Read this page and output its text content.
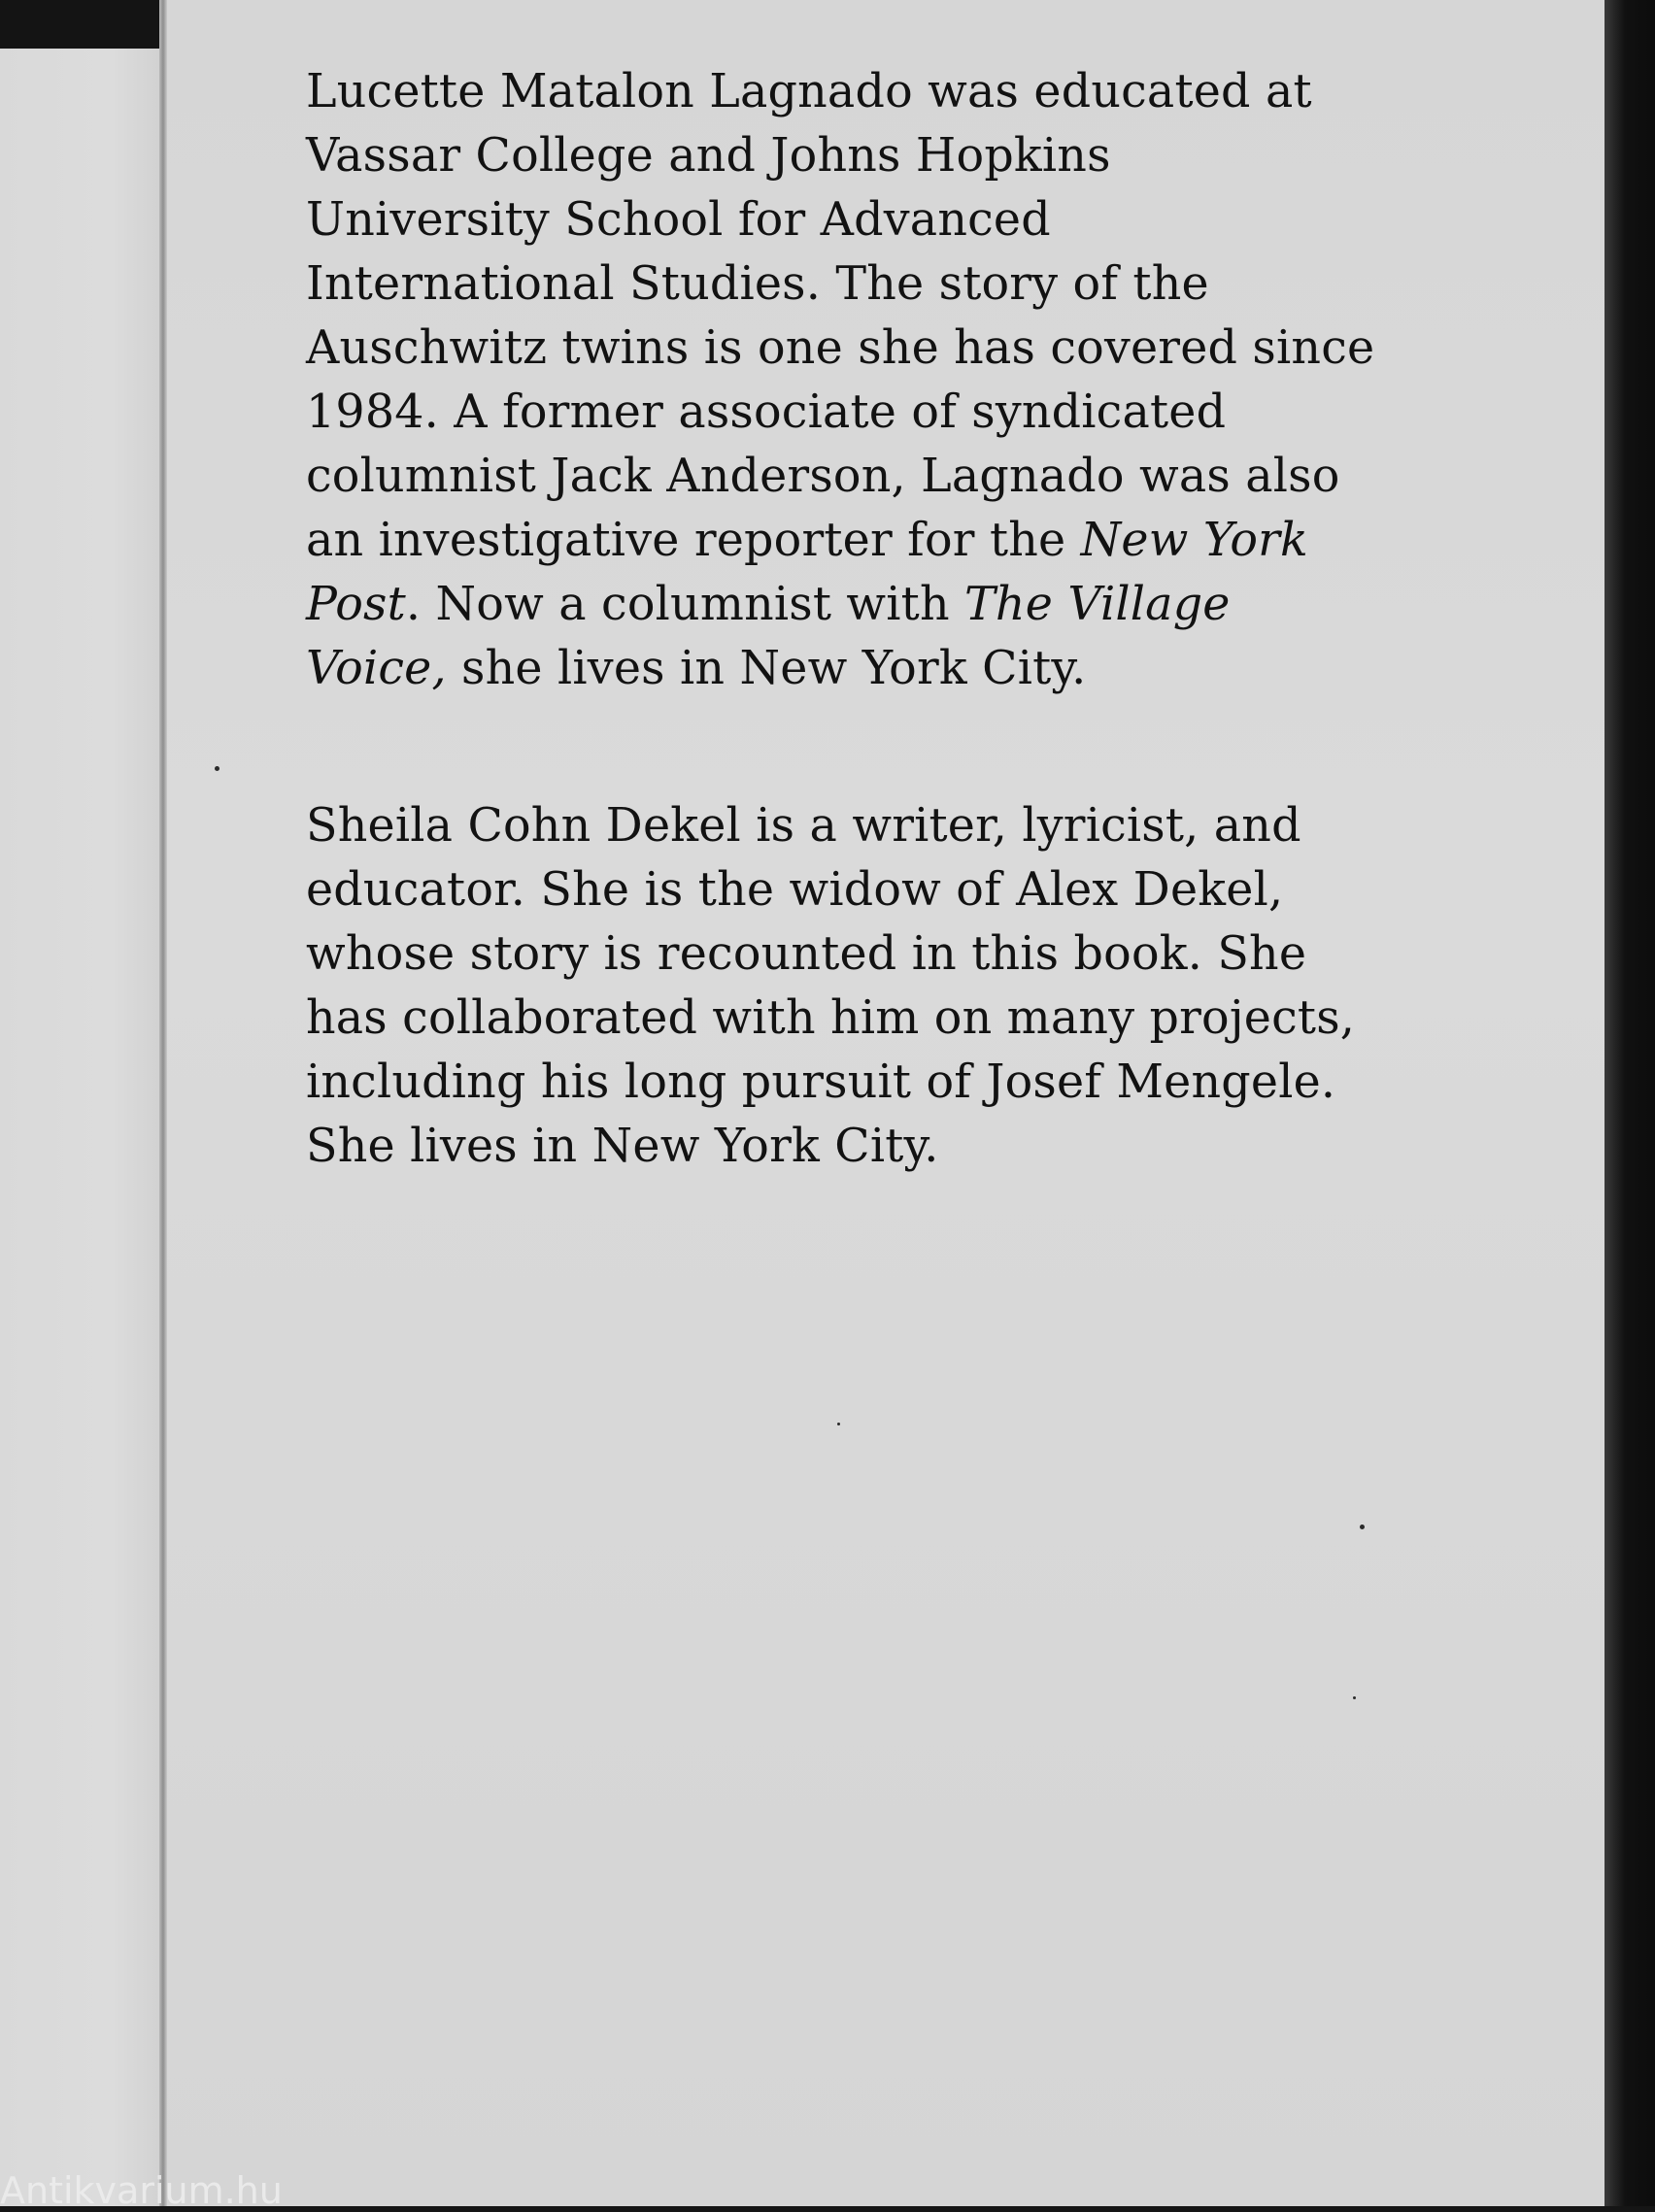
Lucette Matalon Lagnado was educated at
Vassar College and Johns Hopkins
University School for Advanced
International Studies. The story of the
Auschwitz twins is one she has covered since
1984. A former associate of syndicated
columnist Jack Anderson, Lagnado was also
an investigative reporter for the New York
Post. Now a columnist with The Village
Voice, she lives in New York City.

Sheila Cohn Dekel is a writer, lyricist, and
educator. She is the widow of Alex Dekel,
whose story is recounted in this book. She
has collaborated with him on many projects,
including his long pursuit of Josef Mengele.
She lives in New York City.

Antikvarium.hu
